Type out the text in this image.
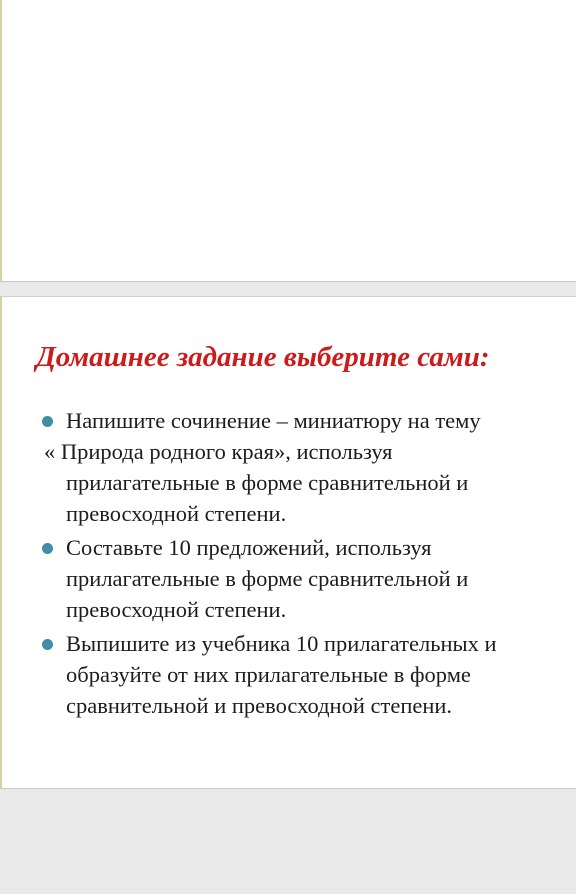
Домашнее задание выберите сами:
Напишите сочинение – миниатюру на тему
« Природа родного края», используя
прилагательные в форме сравнительной и
превосходной степени.
Составьте 10 предложений, используя
прилагательные в форме сравнительной и
превосходной степени.
Выпишите из учебника 10 прилагательных и
образуйте от них прилагательные в форме
сравнительной и превосходной степени.
